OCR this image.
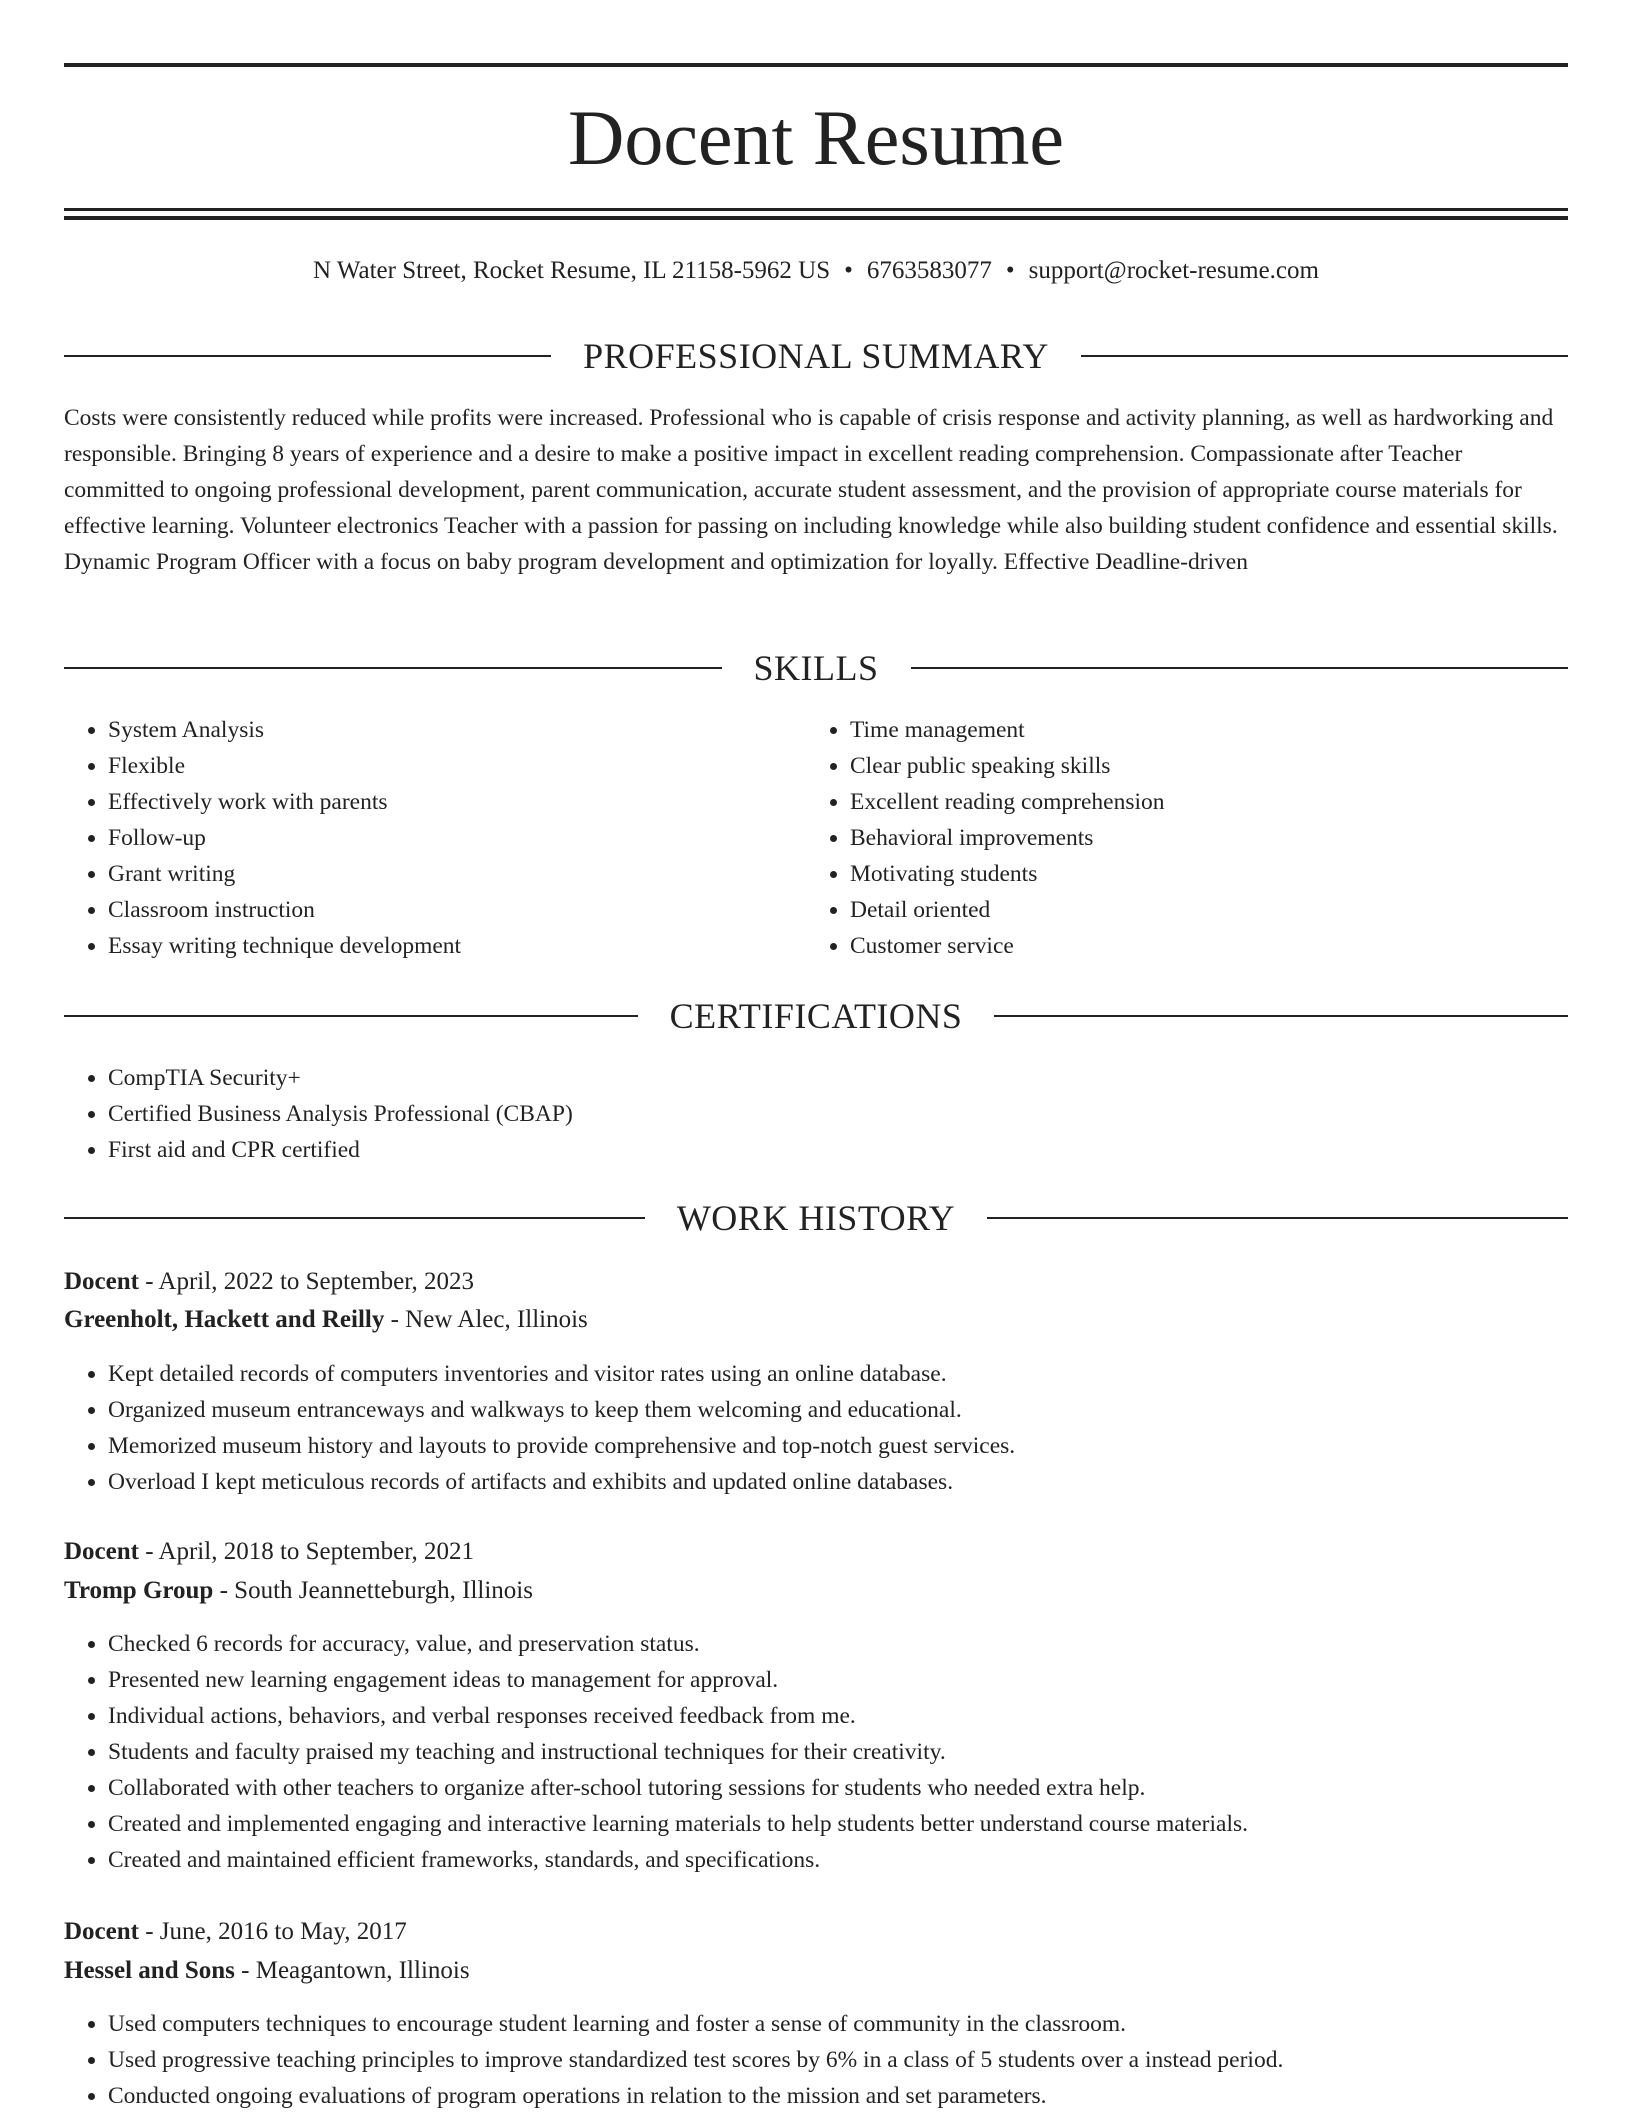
Docent Resume
N Water Street, Rocket Resume, IL 21158-5962 US • 6763583077 • support@rocket-resume.com
PROFESSIONAL SUMMARY

Costs were consistently reduced while profits were increased. Professional who is capable of crisis response and activity planning, as well as hardworking and responsible. Bringing 8 years of experience and a desire to make a positive impact in excellent reading comprehension. Compassionate after Teacher committed to ongoing professional development, parent communication, accurate student assessment, and the provision of appropriate course materials for effective learning. Volunteer electronics Teacher with a passion for passing on including knowledge while also building student confidence and essential skills. Dynamic Program Officer with a focus on baby program development and optimization for loyally. Effective Deadline-driven

SKILLS
• System Analysis
• Flexible
• Effectively work with parents
• Follow-up
• Grant writing
• Classroom instruction
• Essay writing technique development
• Time management
• Clear public speaking skills
• Excellent reading comprehension
• Behavioral improvements
• Motivating students
• Detail oriented
• Customer service
CERTIFICATIONS
• CompTIA Security+
• Certified Business Analysis Professional (CBAP)
• First aid and CPR certified
WORK HISTORY
Docent - April, 2022 to September, 2023
Greenholt, Hackett and Reilly - New Alec, Illinois
• Kept detailed records of computers inventories and visitor rates using an online database.
• Organized museum entranceways and walkways to keep them welcoming and educational.
• Memorized museum history and layouts to provide comprehensive and top-notch guest services.
• Overload I kept meticulous records of artifacts and exhibits and updated online databases.
Docent - April, 2018 to September, 2021
Tromp Group - South Jeannetteburgh, Illinois
• Checked 6 records for accuracy, value, and preservation status.
• Presented new learning engagement ideas to management for approval.
• Individual actions, behaviors, and verbal responses received feedback from me.
• Students and faculty praised my teaching and instructional techniques for their creativity.
• Collaborated with other teachers to organize after-school tutoring sessions for students who needed extra help.
• Created and implemented engaging and interactive learning materials to help students better understand course materials.
• Created and maintained efficient frameworks, standards, and specifications.
Docent - June, 2016 to May, 2017
Hessel and Sons - Meagantown, Illinois
• Used computers techniques to encourage student learning and foster a sense of community in the classroom.
• Used progressive teaching principles to improve standardized test scores by 6% in a class of 5 students over a instead period.
• Conducted ongoing evaluations of program operations in relation to the mission and set parameters.
